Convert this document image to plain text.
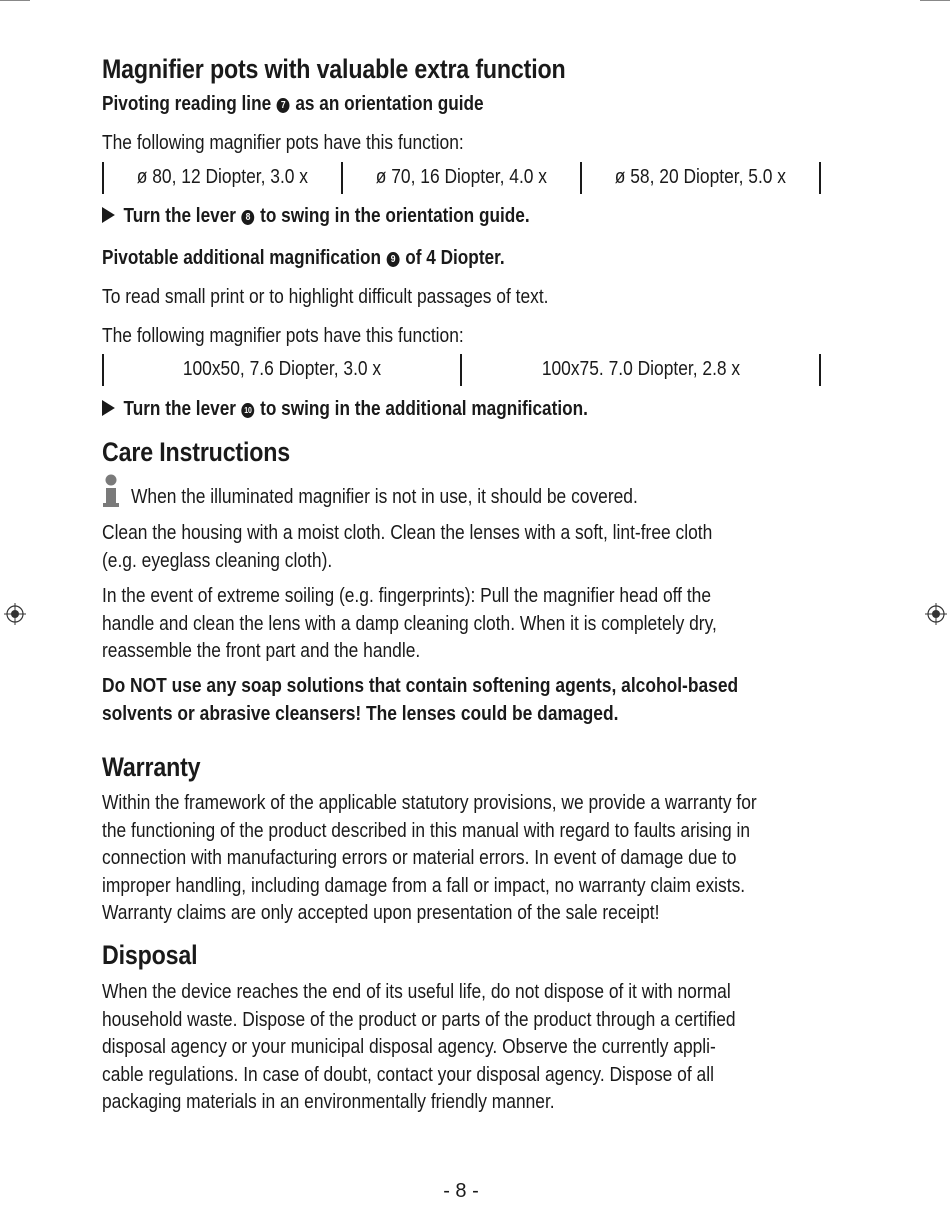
Magnifier pots with valuable extra function
Pivoting reading line 7 as an orientation guide
The following magnifier pots have this function:
ø 80, 12 Diopter, 3.0 x	ø 70, 16 Diopter, 4.0 x	ø 58, 20 Diopter, 5.0 x
Turn the lever 8 to swing in the orientation guide.
Pivotable additional magnification 9 of 4 Diopter.
To read small print or to highlight difficult passages of text.
The following magnifier pots have this function:
100x50, 7.6 Diopter, 3.0 x	100x75. 7.0 Diopter, 2.8 x
Turn the lever 10 to swing in the additional magnification.
Care Instructions
When the illuminated magnifier is not in use, it should be covered.
Clean the housing with a moist cloth. Clean the lenses with a soft, lint-free cloth
(e.g. eyeglass cleaning cloth).
In the event of extreme soiling (e.g. fingerprints): Pull the magnifier head off the
handle and clean the lens with a damp cleaning cloth. When it is completely dry,
reassemble the front part and the handle.
Do NOT use any soap solutions that contain softening agents, alcohol-based
solvents or abrasive cleansers! The lenses could be damaged.
Warranty
Within the framework of the applicable statutory provisions, we provide a warranty for
the functioning of the product described in this manual with regard to faults arising in
connection with manufacturing errors or material errors. In event of damage due to
improper handling, including damage from a fall or impact, no warranty claim exists.
Warranty claims are only accepted upon presentation of the sale receipt!
Disposal
When the device reaches the end of its useful life, do not dispose of it with normal
household waste. Dispose of the product or parts of the product through a certified
disposal agency or your municipal disposal agency. Observe the currently appli-
cable regulations. In case of doubt, contact your disposal agency. Dispose of all
packaging materials in an environmentally friendly manner.
- 8 -
